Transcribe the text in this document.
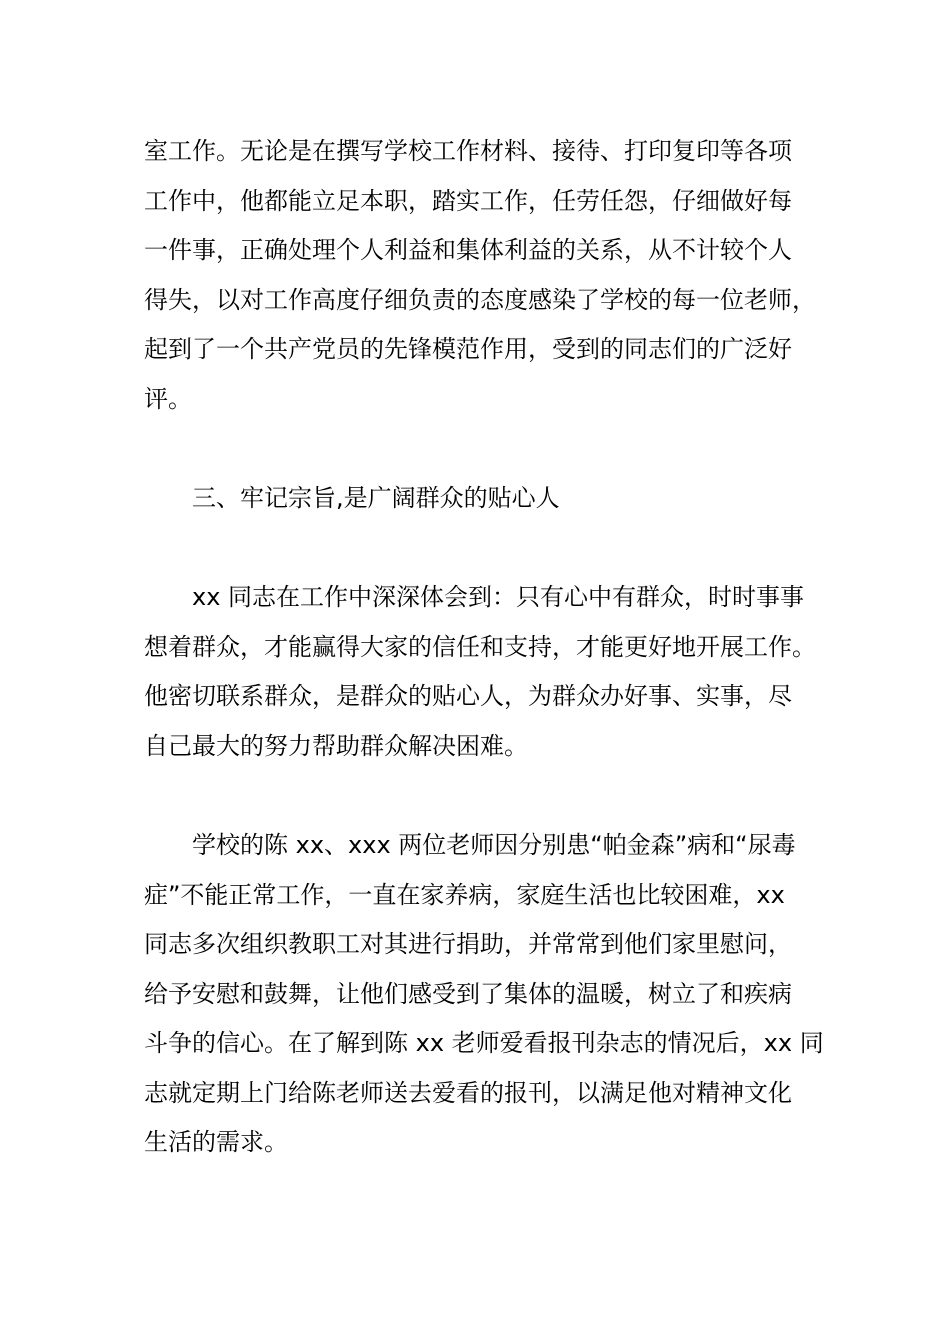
室工作。无论是在撰写学校工作材料、接待、打印复印等各项
工作中，他都能立足本职，踏实工作，任劳任怨，仔细做好每
一件事，正确处理个人利益和集体利益的关系，从不计较个人
得失，以对工作高度仔细负责的态度感染了学校的每一位老师，
起到了一个共产党员的先锋模范作用，受到的同志们的广泛好
评。
三、牢记宗旨,是广阔群众的贴心人
xx 同志在工作中深深体会到：只有心中有群众，时时事事
想着群众，才能赢得大家的信任和支持，才能更好地开展工作。
他密切联系群众，是群众的贴心人，为群众办好事、实事，尽
自己最大的努力帮助群众解决困难。
学校的陈 xx、xxx 两位老师因分别患“帕金森”病和“尿毒
症”不能正常工作，一直在家养病，家庭生活也比较困难，xx
同志多次组织教职工对其进行捐助，并常常到他们家里慰问，
给予安慰和鼓舞，让他们感受到了集体的温暖，树立了和疾病
斗争的信心。在了解到陈 xx 老师爱看报刊杂志的情况后，xx 同
志就定期上门给陈老师送去爱看的报刊，以满足他对精神文化
生活的需求。
